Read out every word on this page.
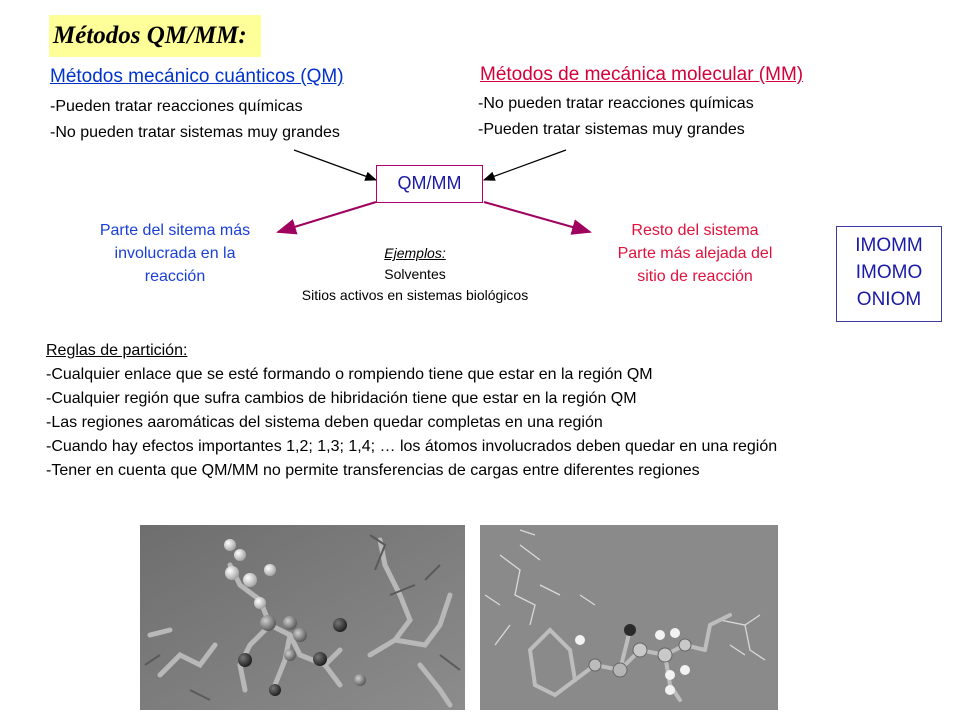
Métodos QM/MM:
Métodos mecánico cuánticos (QM)
-Pueden tratar reacciones químicas
-No pueden tratar sistemas muy grandes
Métodos de mecánica molecular (MM)
-No pueden tratar reacciones químicas
-Pueden tratar sistemas muy grandes
QM/MM
Parte del sitema más
involucrada en la
reacción
Resto del sistema
Parte más alejada del
sitio de reacción
Ejemplos:
Solventes
Sitios activos en sistemas biológicos
IMOMM
IMOMO
ONIOM
Reglas de partición:
-Cualquier enlace que se esté formando o rompiendo tiene que estar en la región QM
-Cualquier región que sufra cambios de hibridación tiene que estar en la región QM
-Las regiones aaromáticas del sistema deben quedar completas en una región
-Cuando hay efectos importantes 1,2; 1,3; 1,4; … los átomos involucrados deben quedar en una región
-Tener en cuenta que QM/MM no permite transferencias de cargas entre diferentes regiones
